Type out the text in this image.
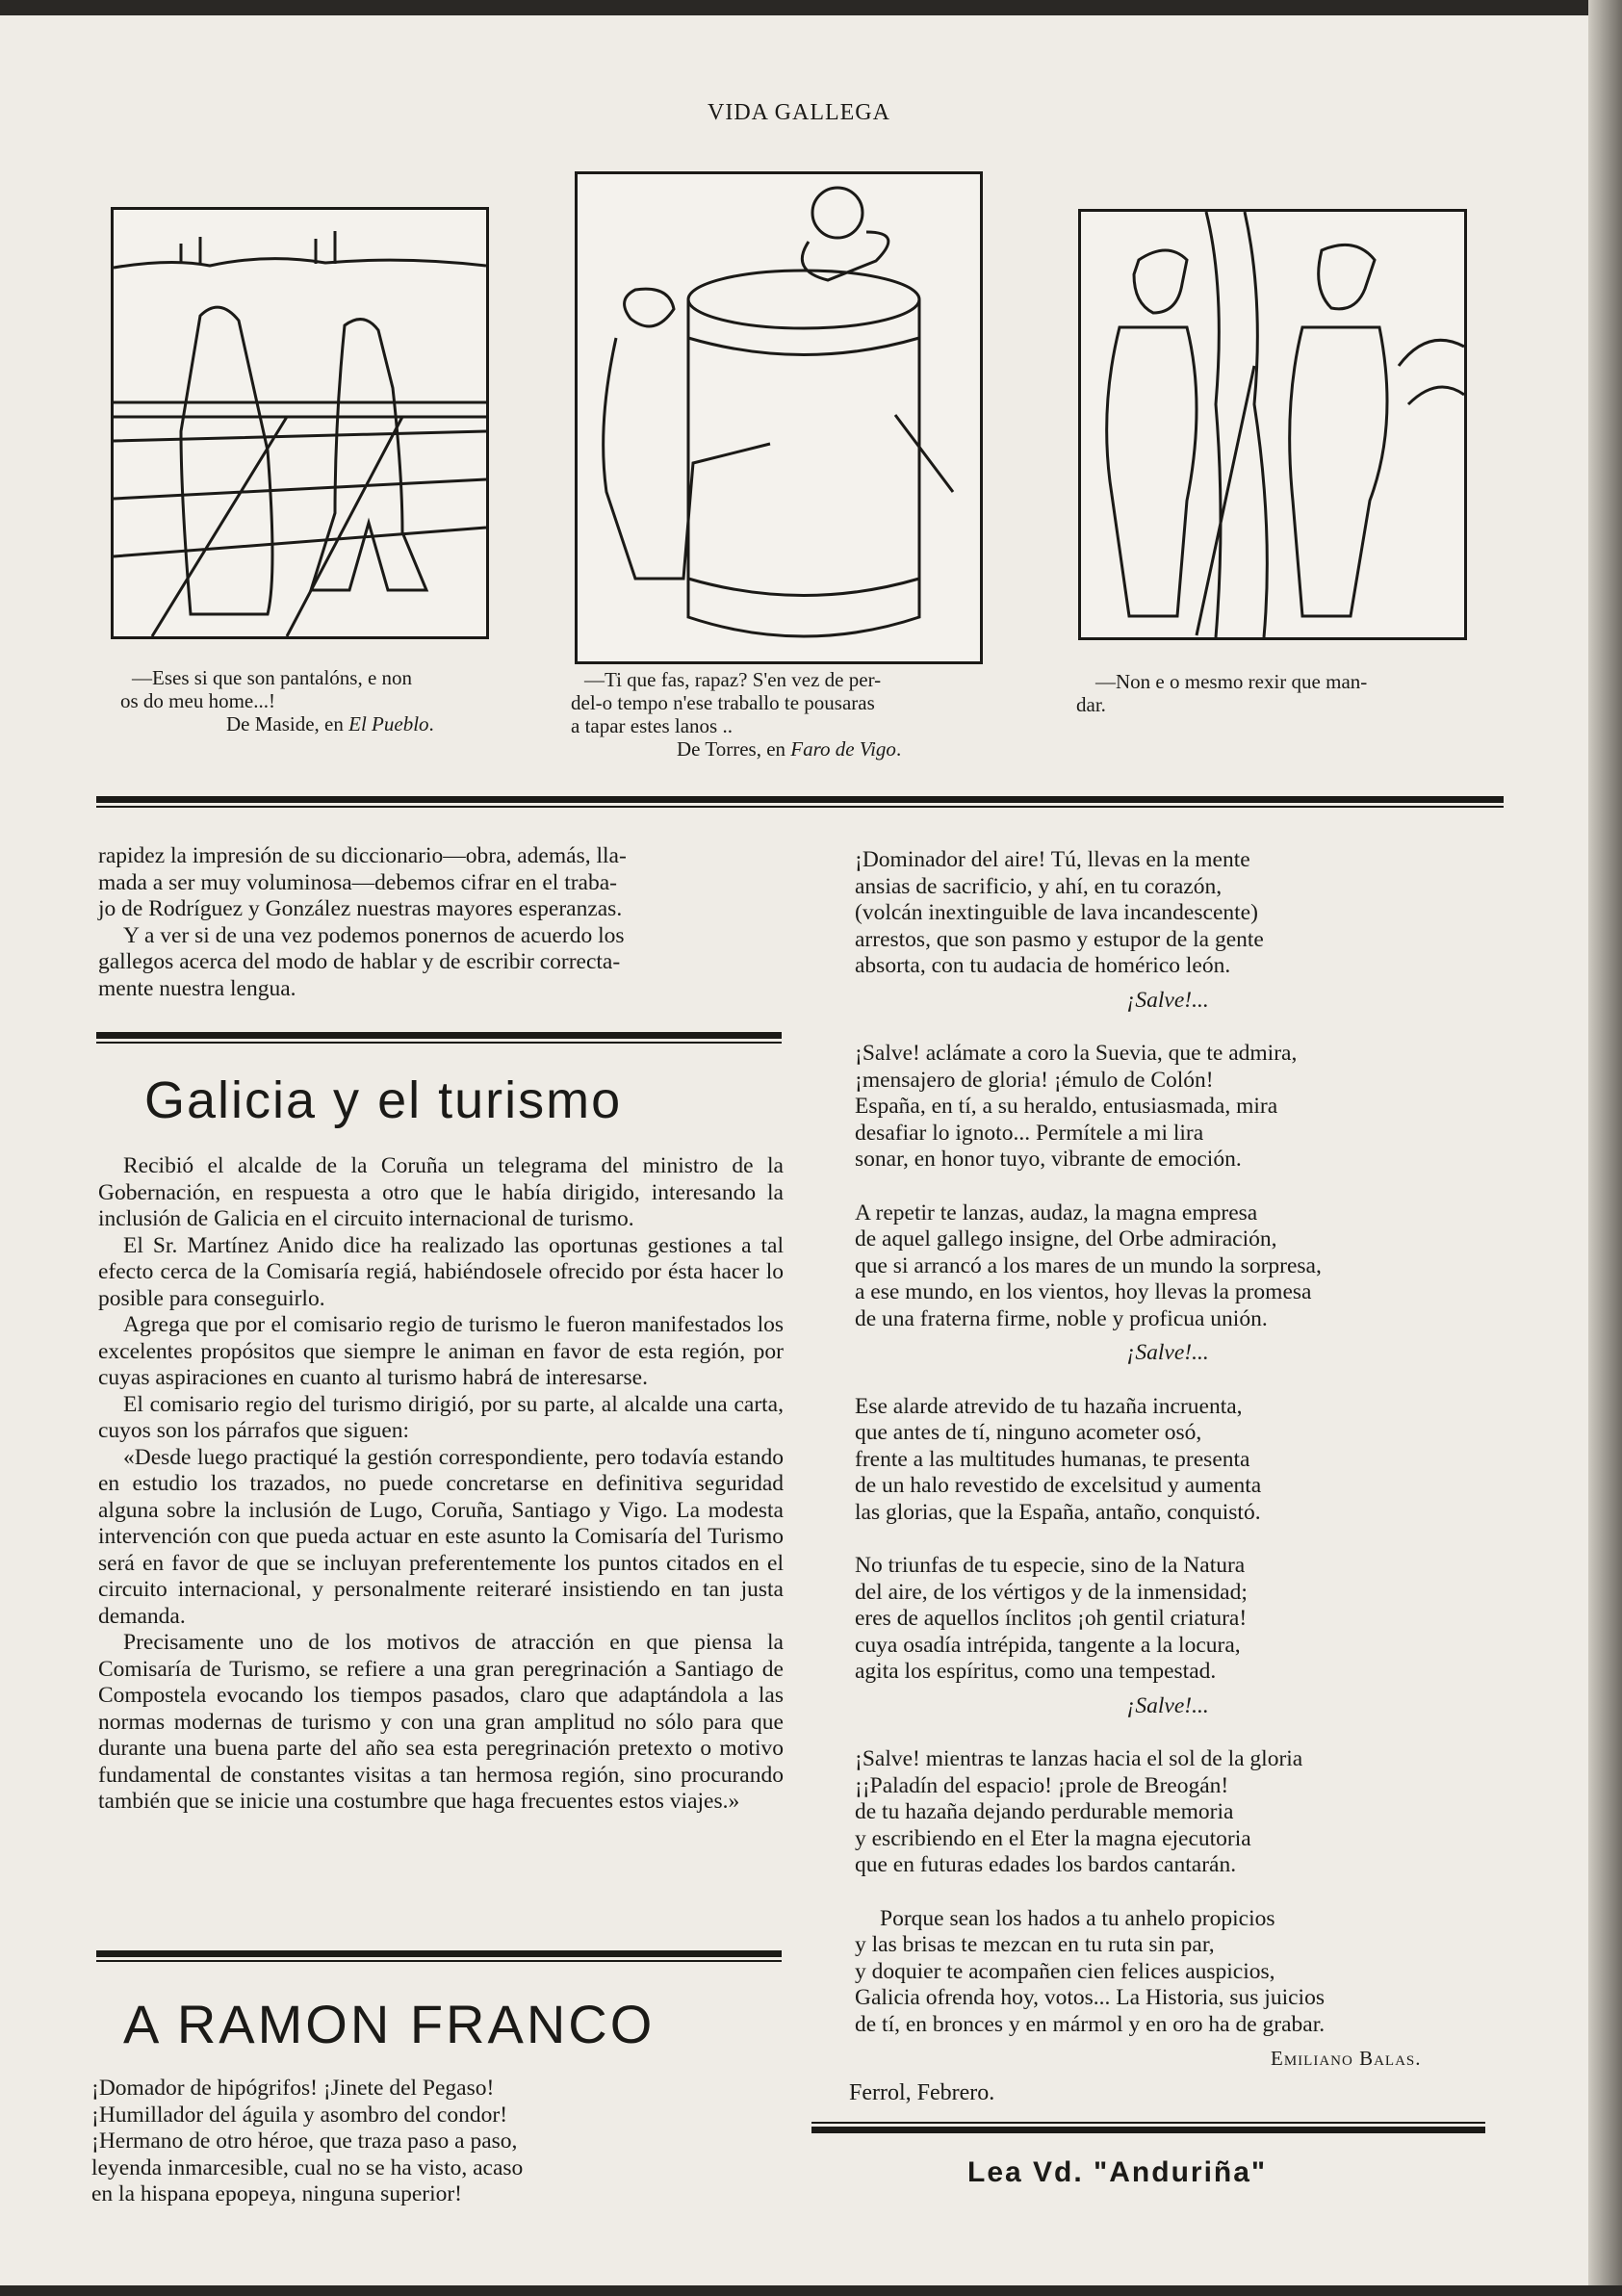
VIDA GALLEGA
—Eses si que son pantalóns, e non
os do meu home...!
De Maside, en El Pueblo.
—Ti que fas, rapaz? S'en vez de per-
del-o tempo n'ese traballo te pousaras
a tapar estes lanos ..
De Torres, en Faro de Vigo.
—Non e o mesmo rexir que man-
dar.
rapidez la impresión de su diccionario—obra, además, lla-
mada a ser muy voluminosa—debemos cifrar en el traba-
jo de Rodríguez y González nuestras mayores esperanzas.
Y a ver si de una vez podemos ponernos de acuerdo los
gallegos acerca del modo de hablar y de escribir correcta-
mente nuestra lengua.
Galicia y el turismo

Recibió el alcalde de la Coruña un telegrama del ministro de la Gobernación, en respuesta a otro que le había dirigido, interesando la inclusión de Galicia en el circuito internacional de turismo.

El Sr. Martínez Anido dice ha realizado las oportunas gestiones a tal efecto cerca de la Comisaría regiá, habiéndosele ofrecido por ésta hacer lo posible para conseguirlo.

Agrega que por el comisario regio de turismo le fueron manifestados los excelentes propósitos que siempre le animan en favor de esta región, por cuyas aspiraciones en cuanto al turismo habrá de interesarse.

El comisario regio del turismo dirigió, por su parte, al alcalde una carta, cuyos son los párrafos que siguen:

«Desde luego practiqué la gestión correspondiente, pero todavía estando en estudio los trazados, no puede concretarse en definitiva seguridad alguna sobre la inclusión de Lugo, Coruña, Santiago y Vigo. La modesta intervención con que pueda actuar en este asunto la Comisaría del Turismo será en favor de que se incluyan preferentemente los puntos citados en el circuito internacional, y personalmente reiteraré insistiendo en tan justa demanda.

Precisamente uno de los motivos de atracción en que piensa la Comisaría de Turismo, se refiere a una gran peregrinación a Santiago de Compostela evocando los tiempos pasados, claro que adaptándola a las normas modernas de turismo y con una gran amplitud no sólo para que durante una buena parte del año sea esta peregrinación pretexto o motivo fundamental de constantes visitas a tan hermosa región, sino procurando también que se inicie una costumbre que haga frecuentes estos viajes.»

A RAMON FRANCO
¡Domador de hipógrifos! ¡Jinete del Pegaso!
¡Humillador del águila y asombro del condor!
¡Hermano de otro héroe, que traza paso a paso,
leyenda inmarcesible, cual no se ha visto, acaso
en la hispana epopeya, ninguna superior!
¡Dominador del aire! Tú, llevas en la mente
ansias de sacrificio, y ahí, en tu corazón,
(volcán inextinguible de lava incandescente)
arrestos, que son pasmo y estupor de la gente
absorta, con tu audacia de homérico león.
¡Salve!...
¡Salve! aclámate a coro la Suevia, que te admira,
¡mensajero de gloria! ¡émulo de Colón!
España, en tí, a su heraldo, entusiasmada, mira
desafiar lo ignoto... Permítele a mi lira
sonar, en honor tuyo, vibrante de emoción.
A repetir te lanzas, audaz, la magna empresa
de aquel gallego insigne, del Orbe admiración,
que si arrancó a los mares de un mundo la sorpresa,
a ese mundo, en los vientos, hoy llevas la promesa
de una fraterna firme, noble y proficua unión.
¡Salve!...
Ese alarde atrevido de tu hazaña incruenta,
que antes de tí, ninguno acometer osó,
frente a las multitudes humanas, te presenta
de un halo revestido de excelsitud y aumenta
las glorias, que la España, antaño, conquistó.
No triunfas de tu especie, sino de la Natura
del aire, de los vértigos y de la inmensidad;
eres de aquellos ínclitos ¡oh gentil criatura!
cuya osadía intrépida, tangente a la locura,
agita los espíritus, como una tempestad.
¡Salve!...
¡Salve! mientras te lanzas hacia el sol de la gloria
¡¡Paladín del espacio! ¡prole de Breogán!
de tu hazaña dejando perdurable memoria
y escribiendo en el Eter la magna ejecutoria
que en futuras edades los bardos cantarán.
Porque sean los hados a tu anhelo propicios
y las brisas te mezcan en tu ruta sin par,
y doquier te acompañen cien felices auspicios,
Galicia ofrenda hoy, votos... La Historia, sus juicios
de tí, en bronces y en mármol y en oro ha de grabar.
Emiliano Balas.
Ferrol, Febrero.
Lea Vd. "Anduriña"
